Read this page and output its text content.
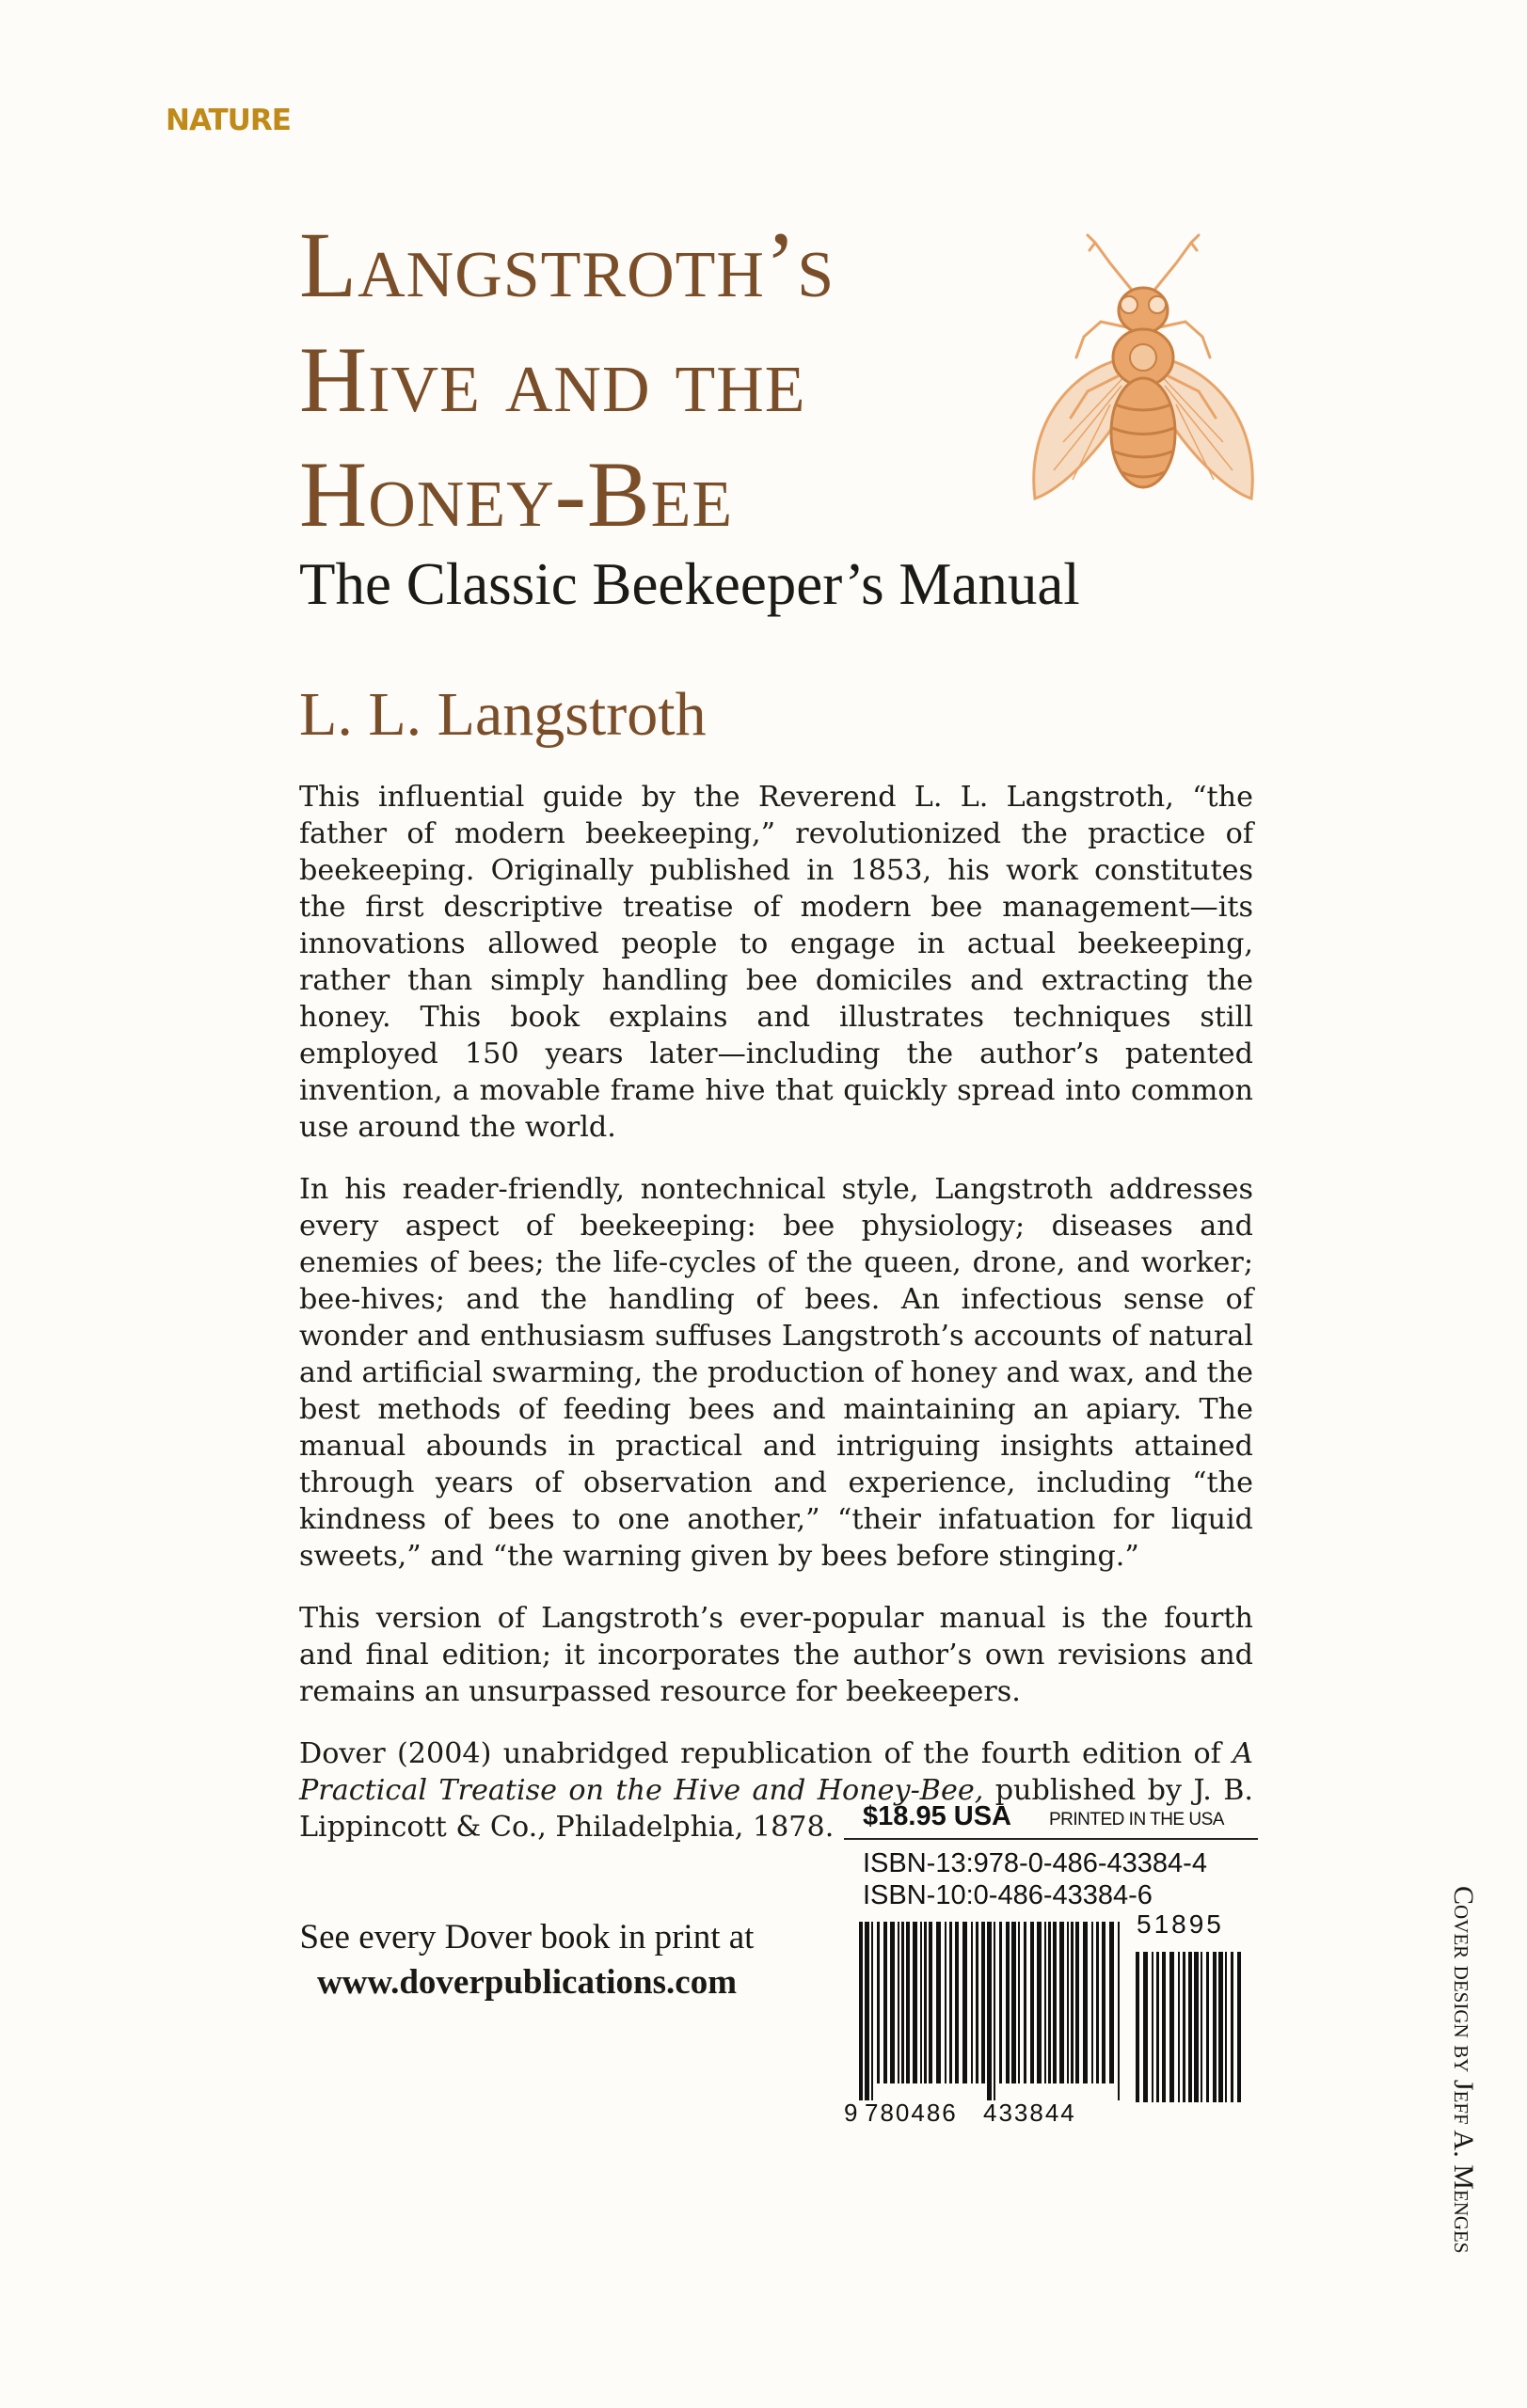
NATURE
Langstroth’s
Hive and the
Honey-Bee
The Classic Beekeeper’s Manual
L. L. Langstroth

This influential guide by the Reverend L. L. Langstroth, “the father of modern beekeeping,” revolutionized the practice of beekeeping. Originally published in 1853, his work constitutes the first descriptive treatise of modern bee management—its innovations allowed people to engage in actual beekeeping, rather than simply handling bee domiciles and extracting the honey. This book explains and illustrates techniques still employed 150 years later—including the author’s patented invention, a movable frame hive that quickly spread into common use around the world.

In his reader-friendly, nontechnical style, Langstroth addresses every aspect of beekeeping: bee physiology; diseases and enemies of bees; the life-cycles of the queen, drone, and worker; bee-hives; and the handling of bees. An infectious sense of wonder and enthusiasm suffuses Langstroth’s accounts of natural and artificial swarming, the production of honey and wax, and the best methods of feeding bees and maintaining an apiary. The manual abounds in practical and intriguing insights attained through years of observation and experience, including “the kindness of bees to one another,” “their infatuation for liquid sweets,” and “the warning given by bees before stinging.”

This version of Langstroth’s ever-popular manual is the fourth and final edition; it incorporates the author’s own revisions and remains an unsurpassed resource for beekeepers.

Dover (2004) unabridged republication of the fourth edition of A Practical Treatise on the Hive and Honey-Bee, published by J. B. Lippincott & Co., Philadelphia, 1878.

See every Dover book in print at
www.doverpublications.com
$18.95 USA PRINTED IN THE USA
ISBN-13:978-0-486-43384-4
ISBN-10:0-486-43384-6
9 780486 433844
51895	Cover design by Jeff A. Menges
